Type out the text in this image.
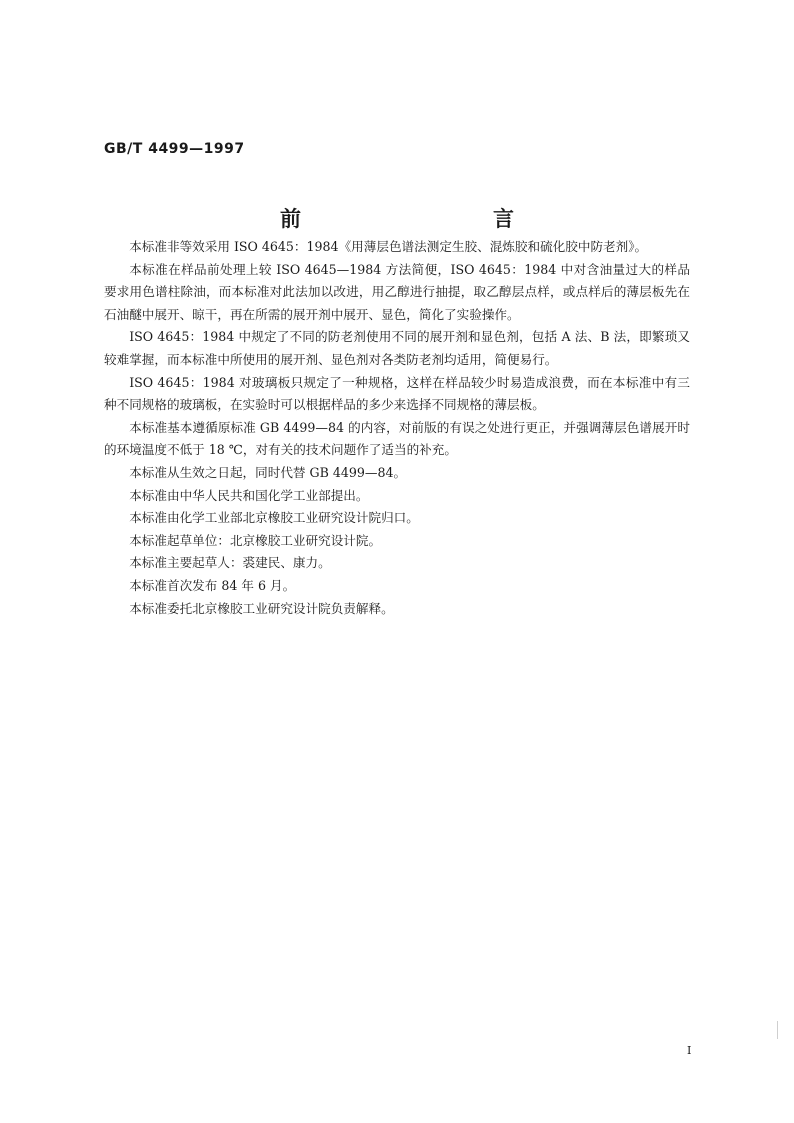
GB/T 4499—1997
前　　言

本标准非等效采用 ISO 4645：1984《用薄层色谱法测定生胶、混炼胶和硫化胶中防老剂》。

本标准在样品前处理上较 ISO 4645—1984 方法简便，ISO 4645：1984 中对含油量过大的样品要求用色谱柱除油，而本标准对此法加以改进，用乙醇进行抽提，取乙醇层点样，或点样后的薄层板先在石油醚中展开、晾干，再在所需的展开剂中展开、显色，简化了实验操作。

ISO 4645：1984 中规定了不同的防老剂使用不同的展开剂和显色剂，包括 A 法、B 法，即繁琐又较难掌握，而本标准中所使用的展开剂、显色剂对各类防老剂均适用，简便易行。

ISO 4645：1984 对玻璃板只规定了一种规格，这样在样品较少时易造成浪费，而在本标准中有三种不同规格的玻璃板，在实验时可以根据样品的多少来选择不同规格的薄层板。

本标准基本遵循原标准 GB 4499—84 的内容，对前版的有误之处进行更正，并强调薄层色谱展开时的环境温度不低于 18 ℃，对有关的技术问题作了适当的补充。

本标准从生效之日起，同时代替 GB 4499—84。

本标准由中华人民共和国化学工业部提出。

本标准由化学工业部北京橡胶工业研究设计院归口。

本标准起草单位：北京橡胶工业研究设计院。

本标准主要起草人：裘建民、康力。

本标准首次发布 84 年 6 月。

本标准委托北京橡胶工业研究设计院负责解释。

I
